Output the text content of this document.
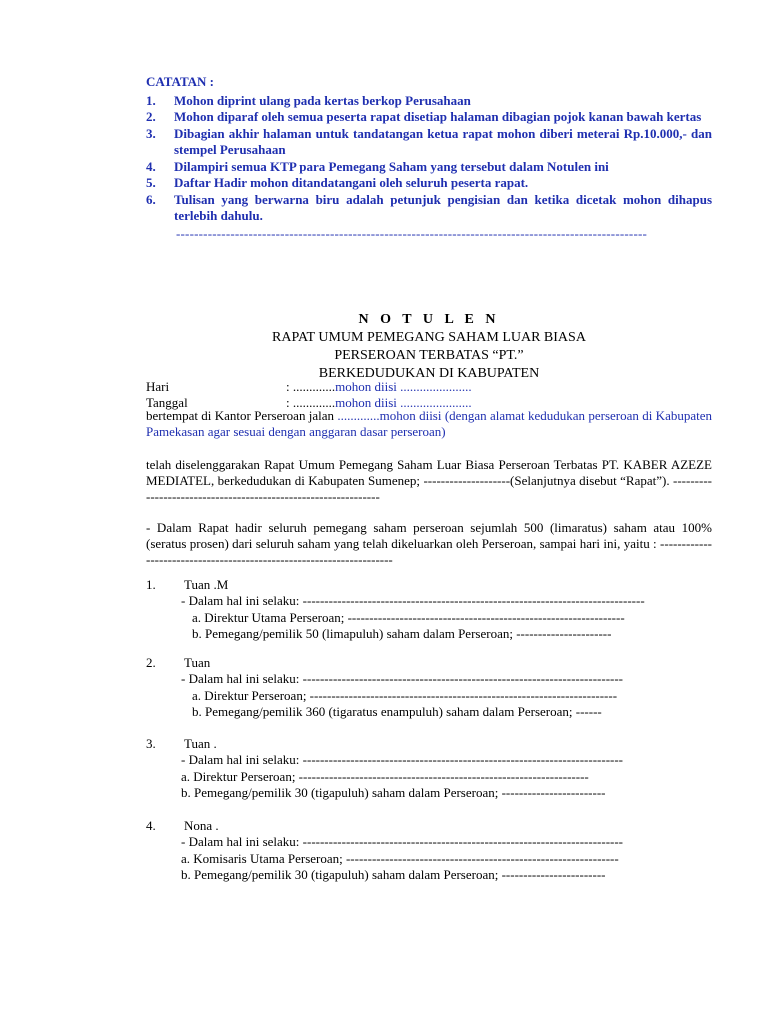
CATATAN :
1. Mohon diprint ulang pada kertas berkop Perusahaan
2. Mohon diparaf oleh semua peserta rapat disetiap halaman dibagian pojok kanan bawah kertas
3. Dibagian akhir halaman untuk tandatangan ketua rapat mohon diberi meterai Rp.10.000,- dan stempel Perusahaan
4. Dilampiri semua KTP para Pemegang Saham yang tersebut dalam Notulen ini
5. Daftar Hadir mohon ditandatangani oleh seluruh peserta rapat.
6. Tulisan yang berwarna biru adalah petunjuk pengisian dan ketika dicetak mohon dihapus terlebih dahulu.
--------------------------------------------------------------------------------------------------------
N O T U L E N
RAPAT UMUM PEMEGANG SAHAM LUAR BIASA
PERSEROAN TERBATAS “PT.”
BERKEDUDUKAN DI KABUPATEN
Hari	: .............mohon diisi ......................
Tanggal	: .............mohon diisi ......................
bertempat di Kantor Perseroan jalan .............mohon diisi (dengan alamat kedudukan perseroan di Kabupaten Pamekasan agar sesuai dengan anggaran dasar perseroan)
telah diselenggarakan Rapat Umum Pemegang Saham Luar Biasa Perseroan Terbatas PT. KABER AZEZE MEDIATEL, berkedudukan di Kabupaten Sumenep; --------------------(Selanjutnya disebut “Rapat”). ---------------------------------------------------------------
- Dalam Rapat hadir seluruh pemegang saham perseroan sejumlah 500 (limaratus) saham atau 100% (seratus prosen) dari seluruh saham yang telah dikeluarkan oleh Perseroan, sampai hari ini, yaitu : ---------------------------------------------------------------------
1. Tuan .M
- Dalam hal ini selaku: -------------------------------------------------------------------------------
a. Direktur Utama Perseroan; ----------------------------------------------------------------
b. Pemegang/pemilik 50 (limapuluh) saham dalam Perseroan; ----------------------
2. Tuan
- Dalam hal ini selaku: --------------------------------------------------------------------------
a. Direktur Perseroan; -----------------------------------------------------------------------
b. Pemegang/pemilik 360 (tigaratus enampuluh) saham dalam Perseroan; ------
3. Tuan .
- Dalam hal ini selaku: --------------------------------------------------------------------------
a. Direktur Perseroan; -------------------------------------------------------------------
b. Pemegang/pemilik 30 (tigapuluh) saham dalam Perseroan; ------------------------
4. Nona .
- Dalam hal ini selaku: --------------------------------------------------------------------------
a. Komisaris Utama Perseroan; ---------------------------------------------------------------
b. Pemegang/pemilik 30 (tigapuluh) saham dalam Perseroan; ------------------------
